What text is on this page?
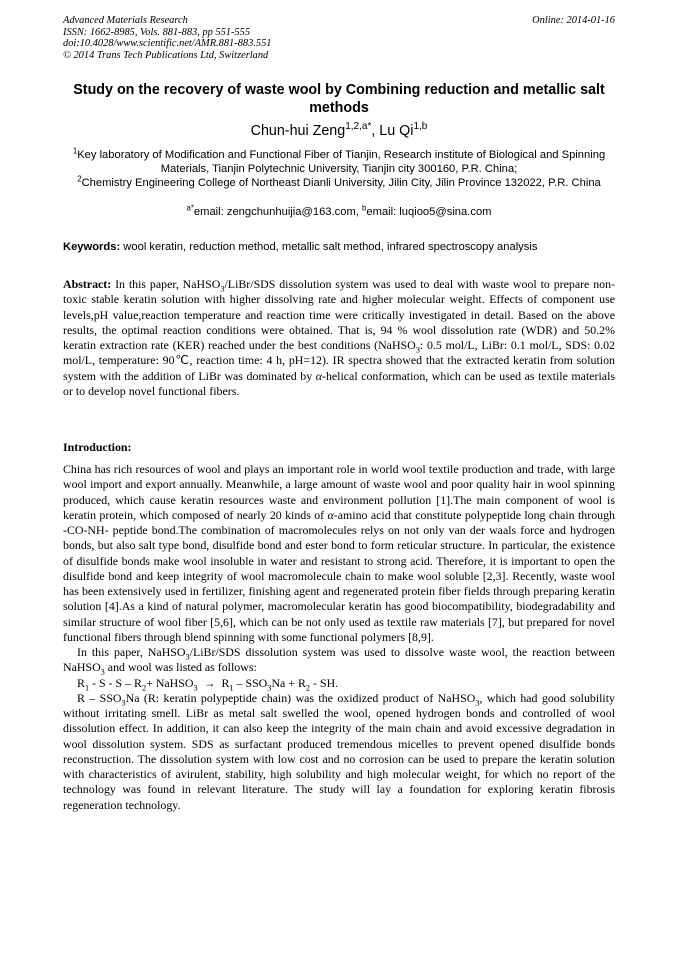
Advanced Materials Research
ISSN: 1662-8985, Vols. 881-883, pp 551-555
doi:10.4028/www.scientific.net/AMR.881-883.551
© 2014 Trans Tech Publications Ltd, Switzerland
Online: 2014-01-16
Study on the recovery of waste wool by Combining reduction and metallic salt methods
Chun-hui Zeng$^{1,2,a*}$, Lu Qi$^{1,b}$

$^1$Key laboratory of Modification and Functional Fiber of Tianjin, Research institute of Biological and Spinning Materials, Tianjin Polytechnic University, Tianjin city 300160, P.R. China;

$^2$Chemistry Engineering College of Northeast Dianli University, Jilin City, Jilin Province 132022, P.R. China

$^{a*}$email: zengchunhuijia@163.com, $^b$email: luqioo5@sina.com
Keywords: wool keratin, reduction method, metallic salt method, infrared spectroscopy analysis

Abstract: In this paper, NaHSO$_3$/LiBr/SDS dissolution system was used to deal with waste wool to prepare non-toxic stable keratin solution with higher dissolving rate and higher molecular weight. Effects of component use levels,pH value,reaction temperature and reaction time were critically investigated in detail. Based on the above results, the optimal reaction conditions were obtained. That is, 94 % wool dissolution rate (WDR) and 50.2% keratin extraction rate (KER) reached under the best conditions (NaHSO$_3$: 0.5 mol/L, LiBr: 0.1 mol/L, SDS: 0.02 mol/L, temperature: 90℃, reaction time: 4 h, pH=12). IR spectra showed that the extracted keratin from solution system with the addition of LiBr was dominated by α-helical conformation, which can be used as textile materials or to develop novel functional fibers.

Introduction:

China has rich resources of wool and plays an important role in world wool textile production and trade, with large wool import and export annually. Meanwhile, a large amount of waste wool and poor quality hair in wool spinning produced, which cause keratin resources waste and environment pollution [1].The main component of wool is keratin protein, which composed of nearly 20 kinds of α-amino acid that constitute polypeptide long chain through -CO-NH- peptide bond.The combination of macromolecules relys on not only van der waals force and hydrogen bonds, but also salt type bond, disulfide bond and ester bond to form reticular structure. In particular, the existence of disulfide bonds make wool insoluble in water and resistant to strong acid. Therefore, it is important to open the disulfide bond and keep integrity of wool macromolecule chain to make wool soluble [2,3]. Recently, waste wool has been extensively used in fertilizer, finishing agent and regenerated protein fiber fields through preparing keratin solution [4].As a kind of natural polymer, macromolecular keratin has good biocompatibility, biodegradability and similar structure of wool fiber [5,6], which can be not only used as textile raw materials [7], but prepared for novel functional fibers through blend spinning with some functional polymers [8,9].

In this paper, NaHSO$_3$/LiBr/SDS dissolution system was used to dissolve waste wool, the reaction between NaHSO$_3$ and wool was listed as follows:

$R_1 - S - S - R_2+$ NaHSO$_3$ → $R_1 - SSO_3Na + R_2$ - SH.

R – $SSO_3Na$ (R: keratin polypeptide chain) was the oxidized product of NaHSO$_3$, which had good solubility without irritating smell. LiBr as metal salt swelled the wool, opened hydrogen bonds and controlled of wool dissolution effect. In addition, it can also keep the integrity of the main chain and avoid excessive degradation in wool dissolution system. SDS as surfactant produced tremendous micelles to prevent opened disulfide bonds reconstruction. The dissolution system with low cost and no corrosion can be used to prepare the keratin solution with characteristics of avirulent, stability, high solubility and high molecular weight, for which no report of the technology was found in relevant literature. The study will lay a foundation for exploring keratin fibrosis regeneration technology.
